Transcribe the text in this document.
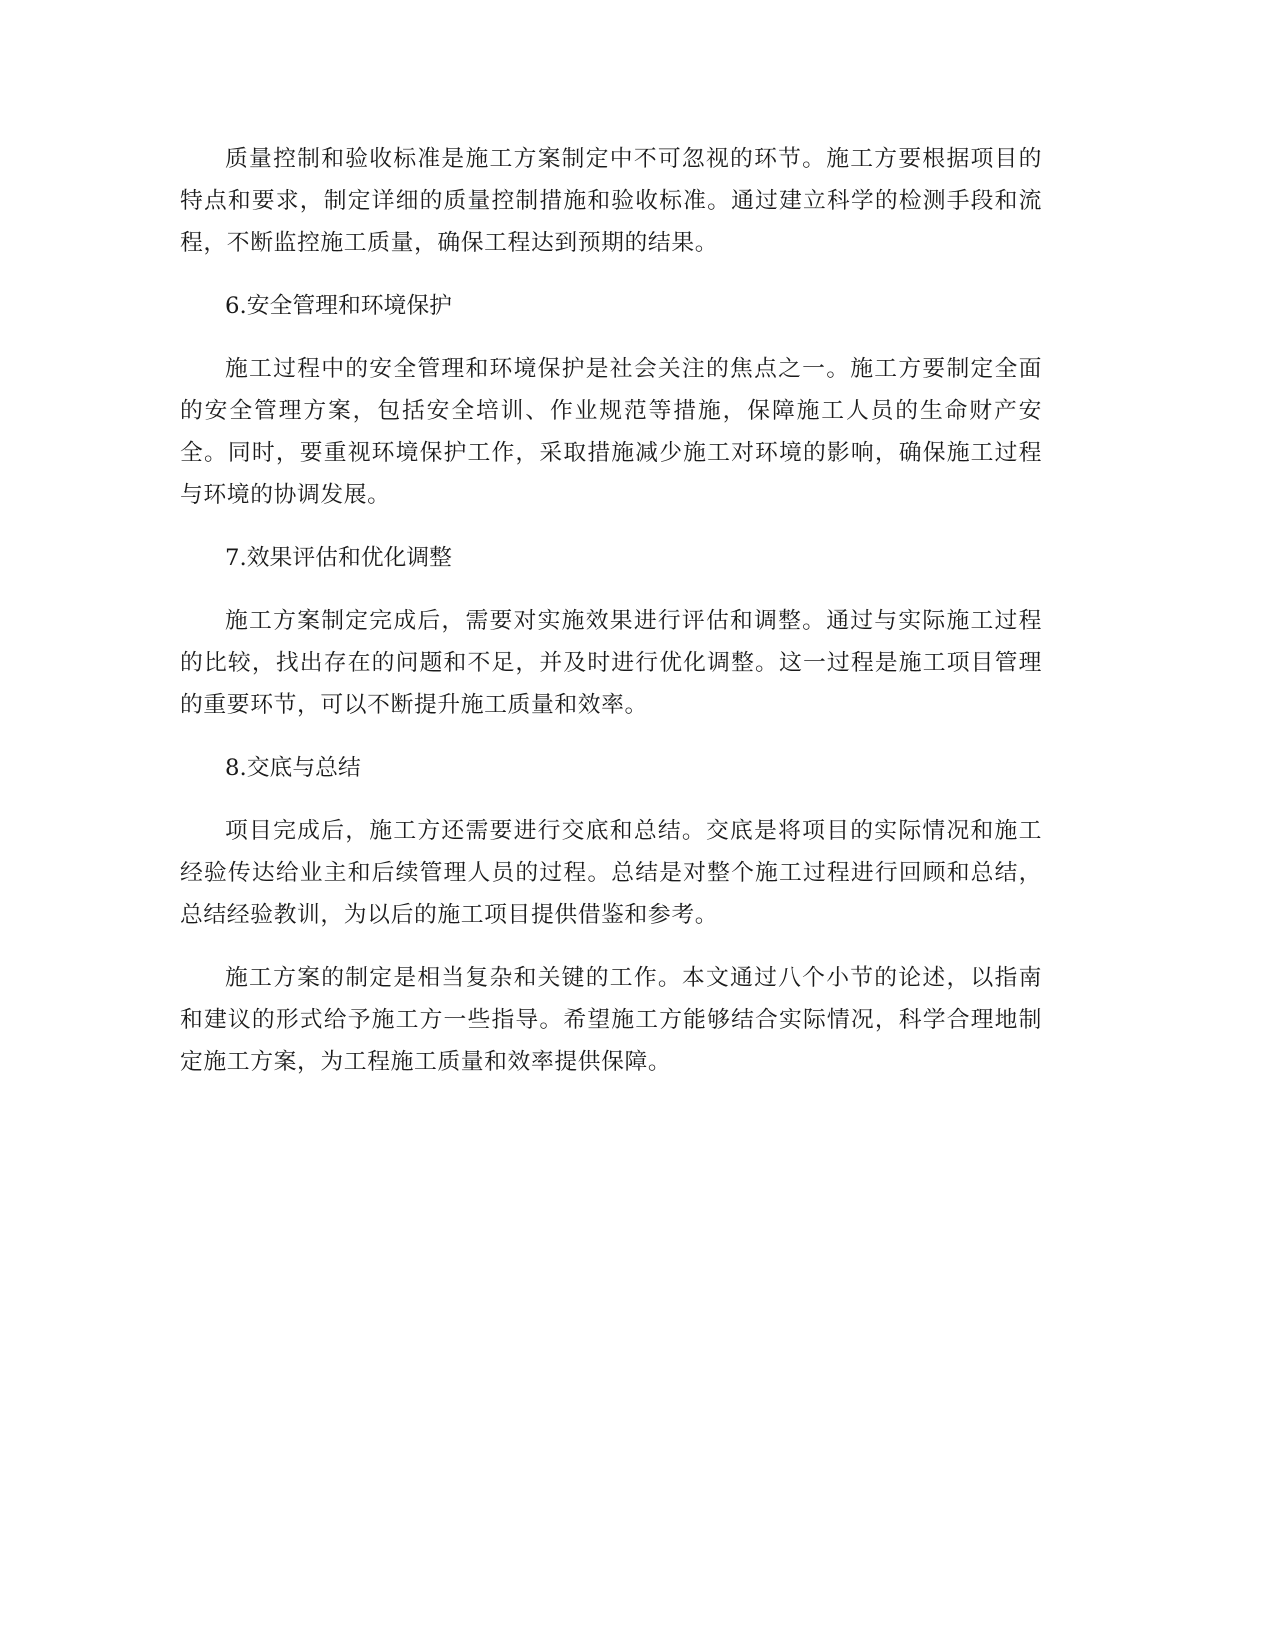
质量控制和验收标准是施工方案制定中不可忽视的环节。施工方要根据项目的特点和要求，制定详细的质量控制措施和验收标准。通过建立科学的检测手段和流程，不断监控施工质量，确保工程达到预期的结果。

6.安全管理和环境保护

施工过程中的安全管理和环境保护是社会关注的焦点之一。施工方要制定全面的安全管理方案，包括安全培训、作业规范等措施，保障施工人员的生命财产安全。同时，要重视环境保护工作，采取措施减少施工对环境的影响，确保施工过程与环境的协调发展。

7.效果评估和优化调整

施工方案制定完成后，需要对实施效果进行评估和调整。通过与实际施工过程的比较，找出存在的问题和不足，并及时进行优化调整。这一过程是施工项目管理的重要环节，可以不断提升施工质量和效率。

8.交底与总结

项目完成后，施工方还需要进行交底和总结。交底是将项目的实际情况和施工经验传达给业主和后续管理人员的过程。总结是对整个施工过程进行回顾和总结，总结经验教训，为以后的施工项目提供借鉴和参考。

施工方案的制定是相当复杂和关键的工作。本文通过八个小节的论述，以指南和建议的形式给予施工方一些指导。希望施工方能够结合实际情况，科学合理地制定施工方案，为工程施工质量和效率提供保障。
